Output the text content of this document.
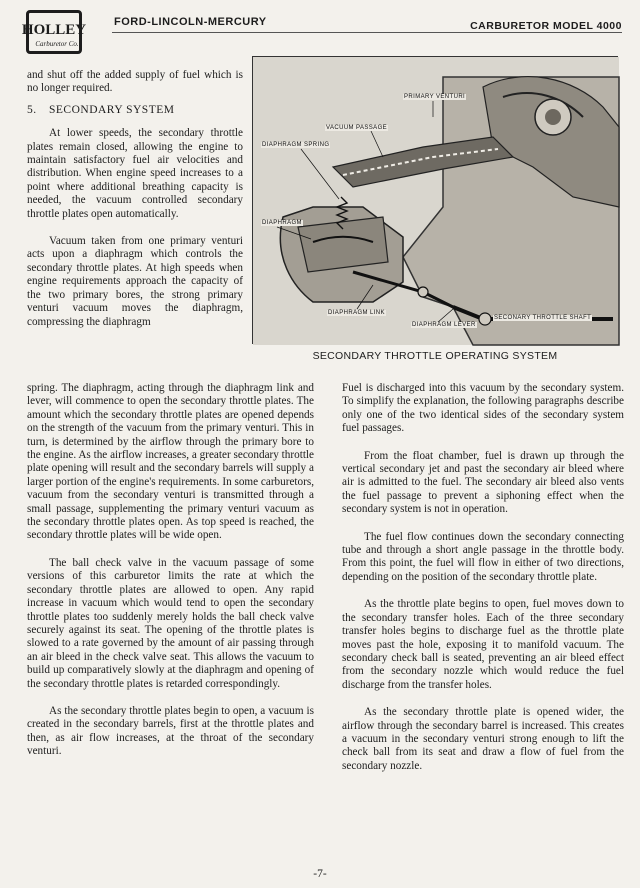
HOLLEY
Carburetor Co.
FORD-LINCOLN-MERCURY	CARBURETOR MODEL 4000

and shut off the added supply of fuel which is no longer required.

5. SECONDARY SYSTEM

At lower speeds, the secondary throttle plates remain closed, allowing the engine to maintain satisfactory fuel air velocities and distribution. When engine speed increases to a point where additional breathing capacity is needed, the vacuum controlled secondary throttle plates open automatically.

Vacuum taken from one primary venturi acts upon a diaphragm which controls the secondary throttle plates. At high speeds when engine requirements approach the capacity of the two primary bores, the strong primary venturi vacuum moves the diaphragm, compressing the diaphragm

PRIMARY VENTURI
VACUUM PASSAGE
DIAPHRAGM SPRING
DIAPHRAGM
DIAPHRAGM LINK
DIAPHRAGM LEVER
SECONARY THROTTLE SHAFT
SECONDARY THROTTLE OPERATING SYSTEM

spring. The diaphragm, acting through the diaphragm link and lever, will commence to open the secondary throttle plates. The amount which the secondary throttle plates are opened depends on the strength of the vacuum from the primary venturi. This in turn, is determined by the airflow through the primary bore to the engine. As the airflow increases, a greater secondary throttle plate opening will result and the secondary barrels will supply a larger portion of the engine's requirements. In some carburetors, vacuum from the secondary venturi is transmitted through a small passage, supplementing the primary venturi vacuum as the secondary throttle plates open. As top speed is reached, the secondary throttle plates will be wide open.

The ball check valve in the vacuum passage of some versions of this carburetor limits the rate at which the secondary throttle plates are allowed to open. Any rapid increase in vacuum which would tend to open the secondary throttle plates too suddenly merely holds the ball check valve securely against its seat. The opening of the throttle plates is slowed to a rate governed by the amount of air passing through an air bleed in the check valve seat. This allows the vacuum to build up comparatively slowly at the diaphragm and opening of the secondary throttle plates is retarded correspondingly.

As the secondary throttle plates begin to open, a vacuum is created in the secondary barrels, first at the throttle plates and then, as air flow increases, at the throat of the secondary venturi.

Fuel is discharged into this vacuum by the secondary system. To simplify the explanation, the following paragraphs describe only one of the two identical sides of the secondary system fuel passages.

From the float chamber, fuel is drawn up through the vertical secondary jet and past the secondary air bleed where air is admitted to the fuel. The secondary air bleed also vents the fuel passage to prevent a siphoning effect when the secondary system is not in operation.

The fuel flow continues down the secondary connecting tube and through a short angle passage in the throttle body. From this point, the fuel will flow in either of two directions, depending on the position of the secondary throttle plate.

As the throttle plate begins to open, fuel moves down to the secondary transfer holes. Each of the three secondary transfer holes begins to discharge fuel as the throttle plate moves past the hole, exposing it to manifold vacuum. The secondary check ball is seated, preventing an air bleed effect from the secondary nozzle which would reduce the fuel discharge from the transfer holes.

As the secondary throttle plate is opened wider, the airflow through the secondary barrel is increased. This creates a vacuum in the secondary venturi strong enough to lift the check ball from its seat and draw a flow of fuel from the secondary nozzle.

-7-
